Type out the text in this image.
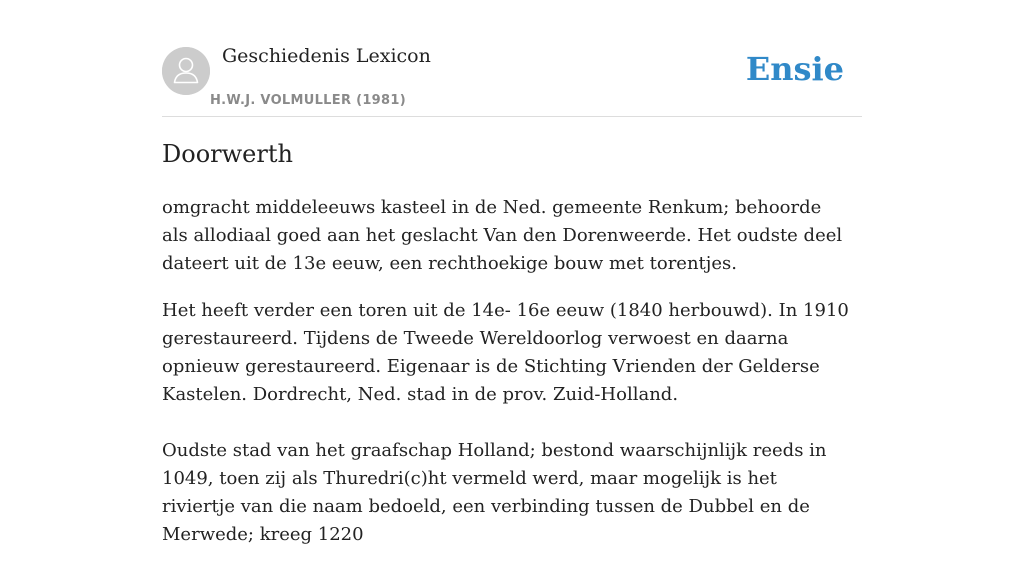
Geschiedenis Lexicon
H.W.J. VOLMULLER (1981)
Ensie
Doorwerth

omgracht middeleeuws kasteel in de Ned. gemeente Renkum; behoorde als allodiaal goed aan het geslacht Van den Dorenweerde. Het oudste deel dateert uit de 13e eeuw, een rechthoekige bouw met torentjes.

Het heeft verder een toren uit de 14e- 16e eeuw (1840 herbouwd). In 1910 gerestaureerd. Tijdens de Tweede Wereldoorlog verwoest en daarna opnieuw gerestaureerd. Eigenaar is de Stichting Vrienden der Gelderse Kastelen. Dordrecht, Ned. stad in de prov. Zuid-Holland.

Oudste stad van het graafschap Holland; bestond waarschijnlijk reeds in 1049, toen zij als Thuredri(c)ht vermeld werd, maar mogelijk is het riviertje van die naam bedoeld, een verbinding tussen de Dubbel en de Merwede; kreeg 1220
